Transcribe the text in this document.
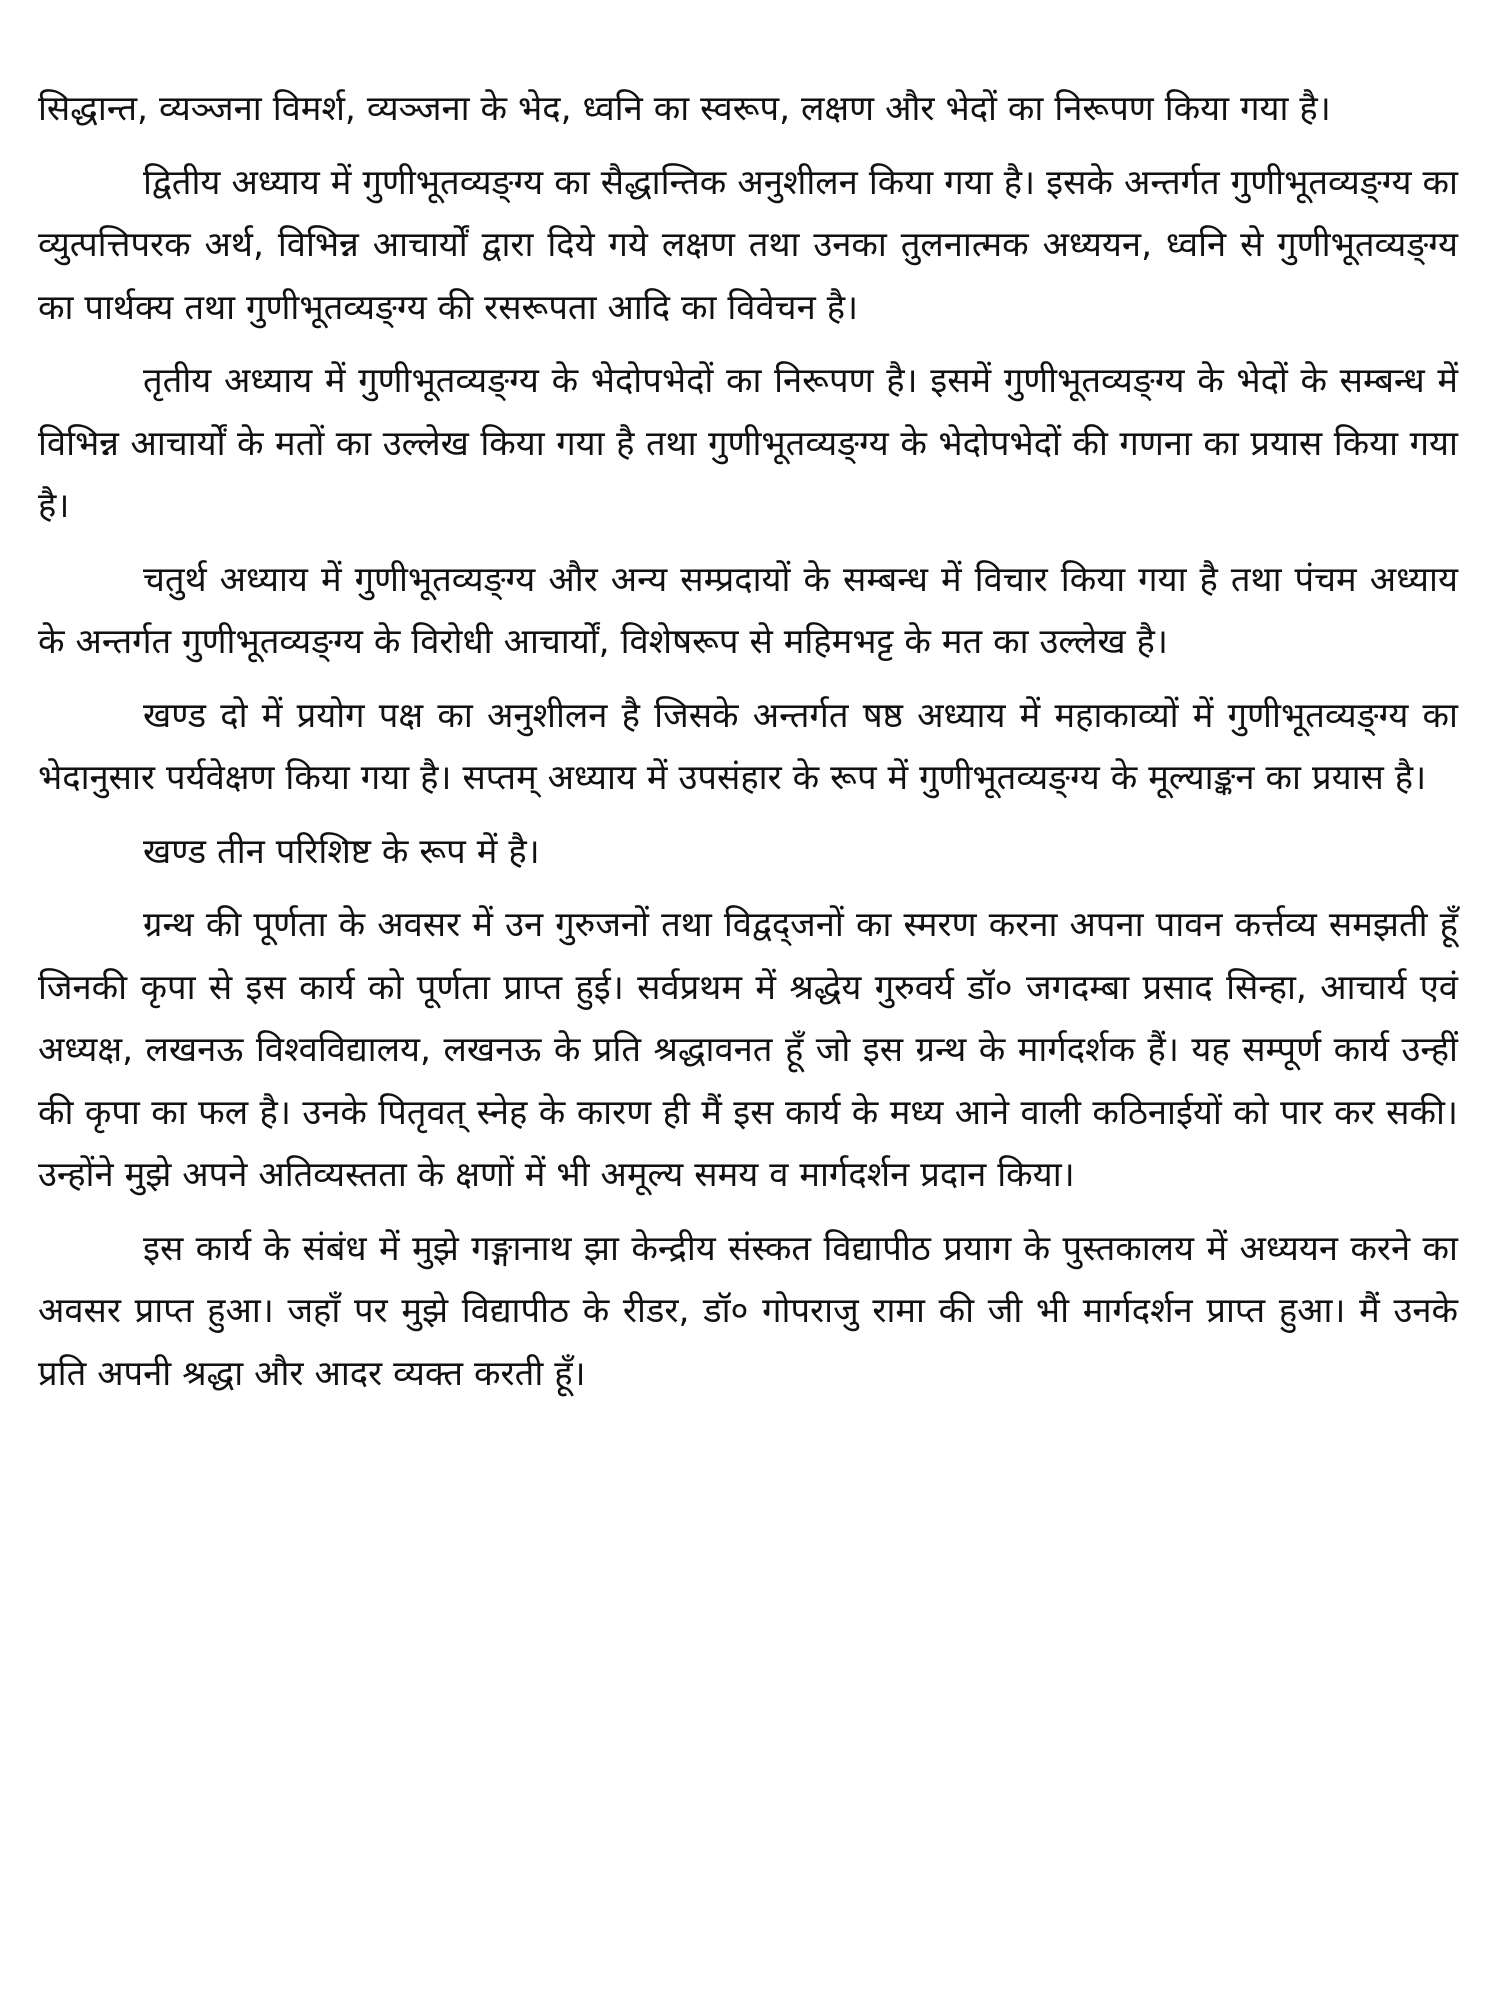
सिद्धान्त, व्यञ्जना विमर्श, व्यञ्जना के भेद, ध्वनि का स्वरूप, लक्षण और भेदों का निरूपण किया गया है।

द्वितीय अध्याय में गुणीभूतव्यङ्ग्य का सैद्धान्तिक अनुशीलन किया गया है। इसके अन्तर्गत गुणीभूतव्यङ्ग्य का व्युत्पत्तिपरक अर्थ, विभिन्न आचार्यों द्वारा दिये गये लक्षण तथा उनका तुलनात्मक अध्ययन, ध्वनि से गुणीभूतव्यङ्ग्य का पार्थक्य तथा गुणीभूतव्यङ्ग्य की रसरूपता आदि का विवेचन है।

तृतीय अध्याय में गुणीभूतव्यङ्ग्य के भेदोपभेदों का निरूपण है। इसमें गुणीभूतव्यङ्ग्य के भेदों के सम्बन्ध में विभिन्न आचार्यों के मतों का उल्लेख किया गया है तथा गुणीभूतव्यङ्ग्य के भेदोपभेदों की गणना का प्रयास किया गया है।

चतुर्थ अध्याय में गुणीभूतव्यङ्ग्य और अन्य सम्प्रदायों के सम्बन्ध में विचार किया गया है तथा पंचम अध्याय के अन्तर्गत गुणीभूतव्यङ्ग्य के विरोधी आचार्यों, विशेषरूप से महिमभट्ट के मत का उल्लेख है।

खण्ड दो में प्रयोग पक्ष का अनुशीलन है जिसके अन्तर्गत षष्ठ अध्याय में महाकाव्यों में गुणीभूतव्यङ्ग्य का भेदानुसार पर्यवेक्षण किया गया है। सप्तम् अध्याय में उपसंहार के रूप में गुणीभूतव्यङ्ग्य के मूल्याङ्कन का प्रयास है।

खण्ड तीन परिशिष्ट के रूप में है।

ग्रन्थ की पूर्णता के अवसर में उन गुरुजनों तथा विद्वद्जनों का स्मरण करना अपना पावन कर्त्तव्य समझती हूँ जिनकी कृपा से इस कार्य को पूर्णता प्राप्त हुई। सर्वप्रथम में श्रद्धेय गुरुवर्य डॉ० जगदम्बा प्रसाद सिन्हा, आचार्य एवं अध्यक्ष, लखनऊ विश्वविद्यालय, लखनऊ के प्रति श्रद्धावनत हूँ जो इस ग्रन्थ के मार्गदर्शक हैं। यह सम्पूर्ण कार्य उन्हीं की कृपा का फल है। उनके पितृवत् स्नेह के कारण ही मैं इस कार्य के मध्य आने वाली कठिनाईयों को पार कर सकी। उन्होंने मुझे अपने अतिव्यस्तता के क्षणों में भी अमूल्य समय व मार्गदर्शन प्रदान किया।

इस कार्य के संबंध में मुझे गङ्गानाथ झा केन्द्रीय संस्कत विद्यापीठ प्रयाग के पुस्तकालय में अध्ययन करने का अवसर प्राप्त हुआ। जहाँ पर मुझे विद्यापीठ के रीडर, डॉ० गोपराजु रामा की जी भी मार्गदर्शन प्राप्त हुआ। मैं उनके प्रति अपनी श्रद्धा और आदर व्यक्त करती हूँ।
